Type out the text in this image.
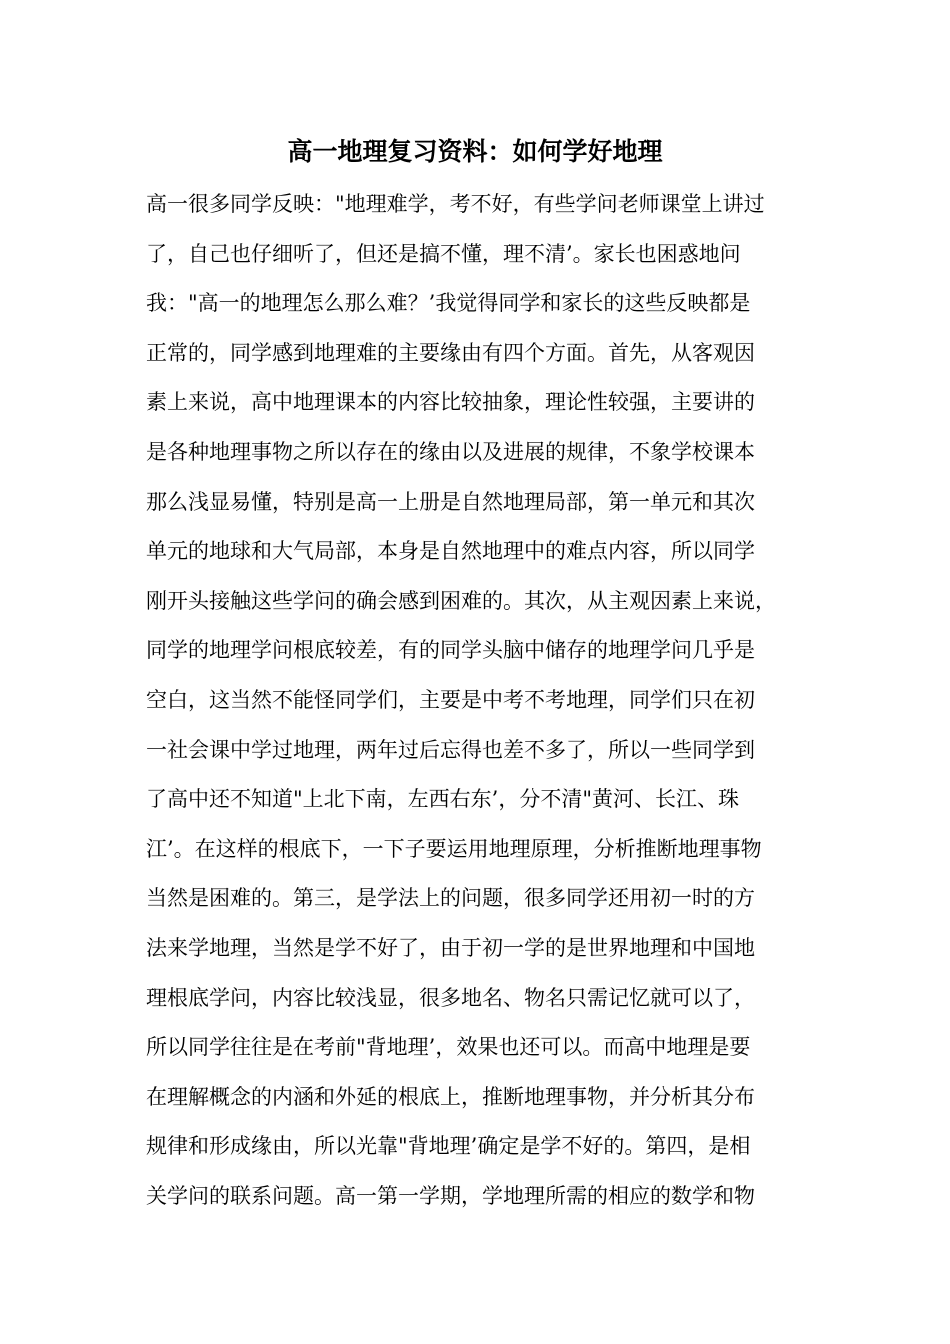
高一地理复习资料：如何学好地理
高一很多同学反映："地理难学，考不好，有些学问老师课堂上讲过
了，自己也仔细听了，但还是搞不懂，理不清’。家长也困惑地问
我："高一的地理怎么那么难？’我觉得同学和家长的这些反映都是
正常的，同学感到地理难的主要缘由有四个方面。首先，从客观因
素上来说，高中地理课本的内容比较抽象，理论性较强，主要讲的
是各种地理事物之所以存在的缘由以及进展的规律，不象学校课本
那么浅显易懂，特别是高一上册是自然地理局部，第一单元和其次
单元的地球和大气局部，本身是自然地理中的难点内容，所以同学
刚开头接触这些学问的确会感到困难的。其次，从主观因素上来说，
同学的地理学问根底较差，有的同学头脑中储存的地理学问几乎是
空白，这当然不能怪同学们，主要是中考不考地理，同学们只在初
一社会课中学过地理，两年过后忘得也差不多了，所以一些同学到
了高中还不知道"上北下南，左西右东’，分不清"黄河、长江、珠
江’。在这样的根底下，一下子要运用地理原理，分析推断地理事物
当然是困难的。第三，是学法上的问题，很多同学还用初一时的方
法来学地理，当然是学不好了，由于初一学的是世界地理和中国地
理根底学问，内容比较浅显，很多地名、物名只需记忆就可以了，
所以同学往往是在考前"背地理’，效果也还可以。而高中地理是要
在理解概念的内涵和外延的根底上，推断地理事物，并分析其分布
规律和形成缘由，所以光靠"背地理’确定是学不好的。第四，是相
关学问的联系问题。高一第一学期，学地理所需的相应的数学和物
